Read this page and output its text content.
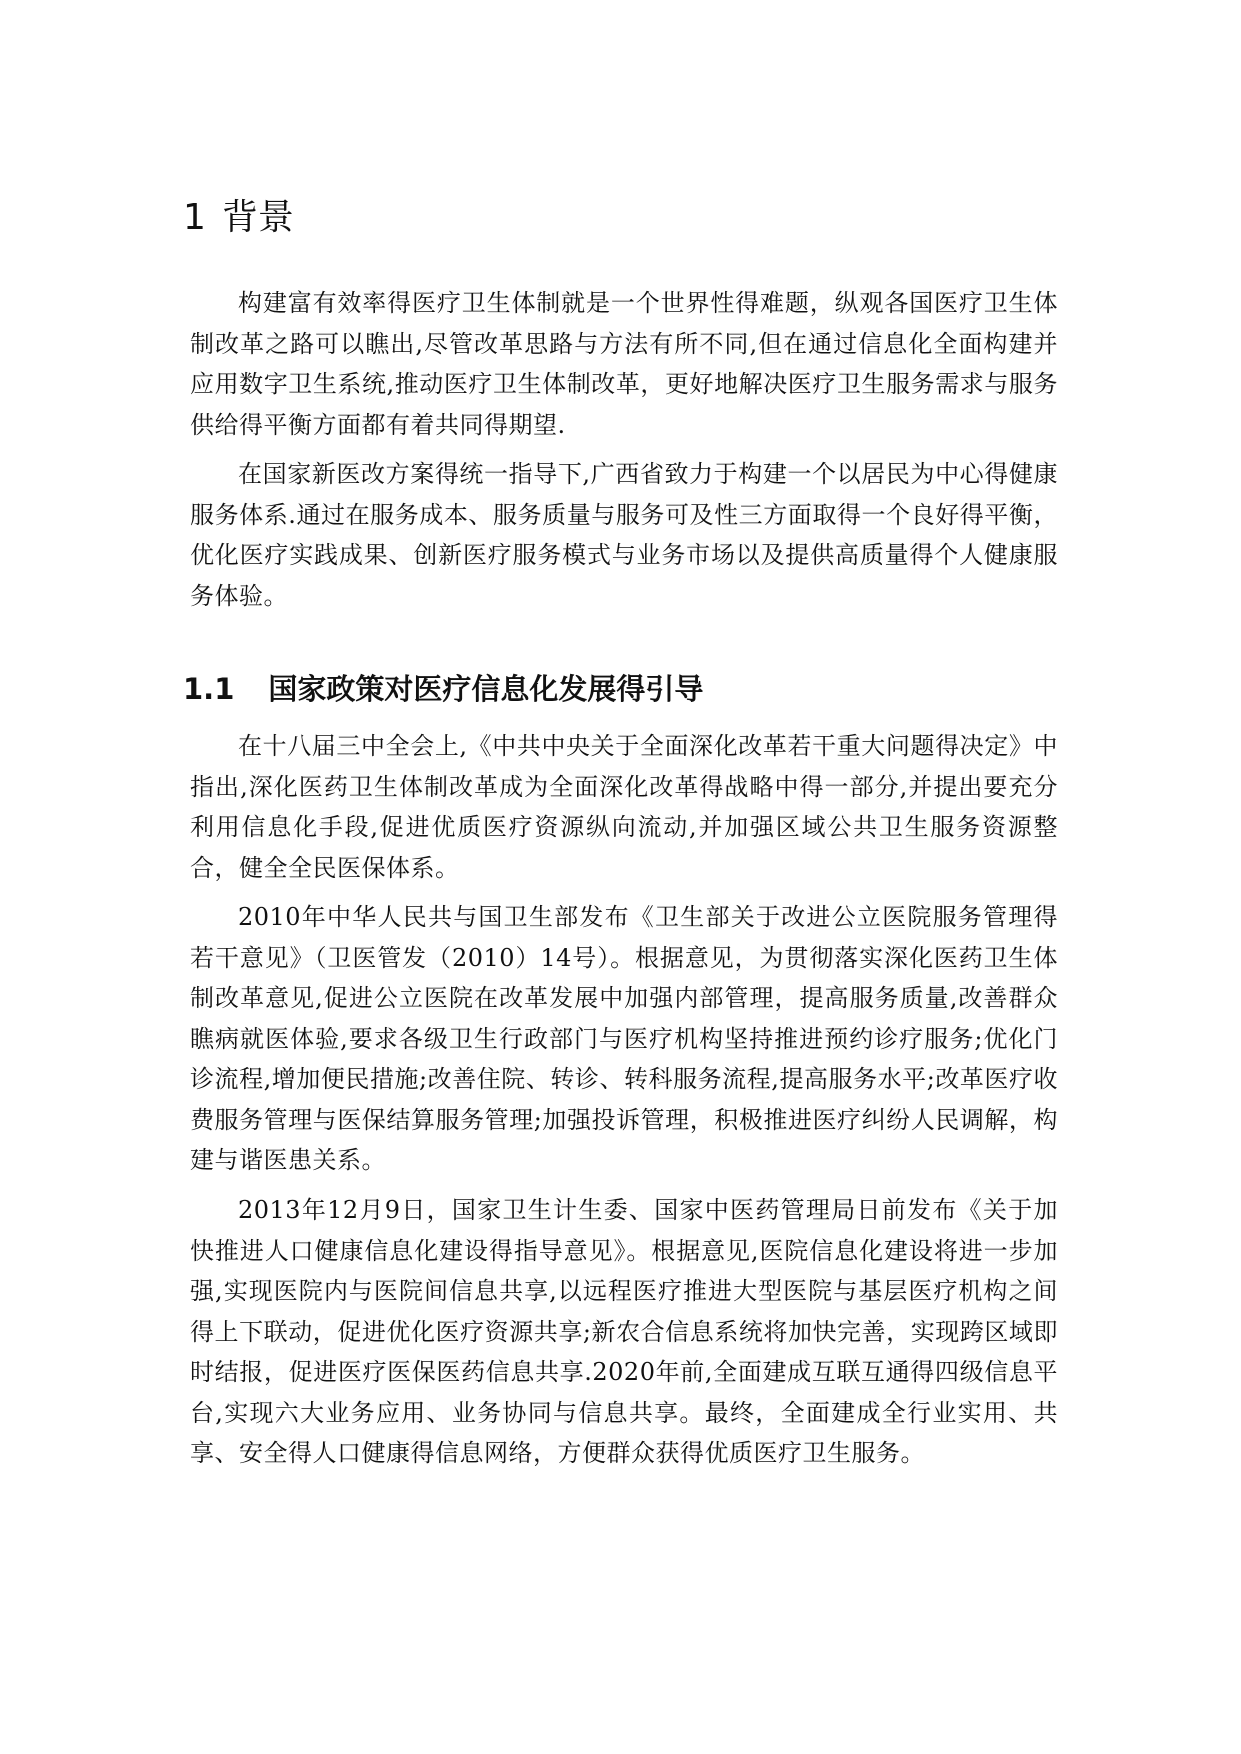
1 背景

构建富有效率得医疗卫生体制就是一个世界性得难题，纵观各国医疗卫生体制改革之路可以瞧出,尽管改革思路与方法有所不同,但在通过信息化全面构建并应用数字卫生系统,推动医疗卫生体制改革，更好地解决医疗卫生服务需求与服务供给得平衡方面都有着共同得期望.

在国家新医改方案得统一指导下,广西省致力于构建一个以居民为中心得健康服务体系.通过在服务成本、服务质量与服务可及性三方面取得一个良好得平衡，优化医疗实践成果、创新医疗服务模式与业务市场以及提供高质量得个人健康服务体验。

1.1 国家政策对医疗信息化发展得引导

在十八届三中全会上,《中共中央关于全面深化改革若干重大问题得决定》中指出,深化医药卫生体制改革成为全面深化改革得战略中得一部分,并提出要充分利用信息化手段,促进优质医疗资源纵向流动,并加强区域公共卫生服务资源整合，健全全民医保体系。

2010年中华人民共与国卫生部发布《卫生部关于改进公立医院服务管理得若干意见》（卫医管发（2010）14号）。根据意见，为贯彻落实深化医药卫生体制改革意见,促进公立医院在改革发展中加强内部管理，提高服务质量,改善群众瞧病就医体验,要求各级卫生行政部门与医疗机构坚持推进预约诊疗服务;优化门诊流程,增加便民措施;改善住院、转诊、转科服务流程,提高服务水平;改革医疗收费服务管理与医保结算服务管理;加强投诉管理，积极推进医疗纠纷人民调解，构建与谐医患关系。

2013年12月9日，国家卫生计生委、国家中医药管理局日前发布《关于加快推进人口健康信息化建设得指导意见》。根据意见,医院信息化建设将进一步加强,实现医院内与医院间信息共享,以远程医疗推进大型医院与基层医疗机构之间得上下联动，促进优化医疗资源共享;新农合信息系统将加快完善，实现跨区域即时结报，促进医疗医保医药信息共享.2020年前,全面建成互联互通得四级信息平台,实现六大业务应用、业务协同与信息共享。最终，全面建成全行业实用、共享、安全得人口健康得信息网络，方便群众获得优质医疗卫生服务。
